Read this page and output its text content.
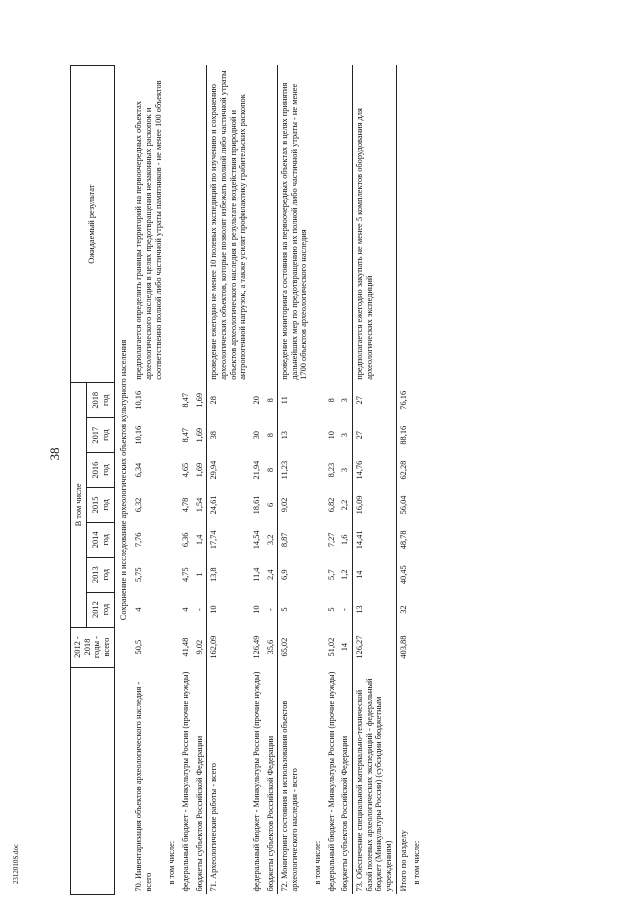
38
2312010S.doc
	2012 - 2018 годы - всего	В том числе							Ожидаемый результат
		2012 год	2013 год	2014 год	2015 год	2016 год	2017 год	2018 год	
Сохранение и исследование археологических объектов культурного населения									
70. Инвентаризация объектов археологического наследия - всего	50,5	4	5,75	7,76	6,32	6,34	10,16	10,16	предполагается определить границы территорий на первоочередных объектах археологического наследия в целях предотвращения незаконных раскопок и соответственно полной либо частичной утраты памятников - не менее 100 объектов
в том числе:									
федеральный бюджет - Минкультуры России (прочие нужды)	41,48	4	4,75	6,36	4,78	4,65	8,47	8,47	
бюджеты субъектов Российской Федерации	9,02	-	1	1,4	1,54	1,69	1,69	1,69	
71. Археологические работы - всего	162,09	10	13,8	17,74	24,61	29,94	38	28	проведение ежегодно не менее 10 полевых экспедиций по изучению и сохранению археологических объектов, которые позволят избежать полной либо частичной утраты объектов археологического наследия в результате воздействия природной и антропогенной нагрузок, а также усилят профилактику грабительских раскопок
федеральный бюджет - Минкультуры России (прочие нужды)	126,49	10	11,4	14,54	18,61	21,94	30	20	
бюджеты субъектов Российской Федерации	35,6	-	2,4	3,2	6	8	8	8	
72. Мониторинг состояния и использования объектов археологического наследия - всего	65,02	5	6,9	8,87	9,02	11,23	13	11	проведение мониторинга состояния на первоочередных объектах в целях принятия дальнейших мер по предотвращению их полной либо частичной утраты - не менее 1700 объектов археологического наследия
в том числе:									
федеральный бюджет - Минкультуры России (прочие нужды)	51,02	5	5,7	7,27	6,82	8,23	10	8	
бюджеты субъектов Российской Федерации	14	-	1,2	1,6	2,2	3	3	3	
73. Обеспечение специальной материально-технической базой полевых археологических экспедиций - федеральный бюджет (Минкультуры России) (субсидии бюджетным учреждениям)	126,27	13	14	14,41	16,09	14,76	27	27	предполагается ежегодно закупать не менее 5 комплектов оборудования для археологических экспедиций
Итого по разделу	403,88	32	40,45	48,78	56,04	62,28	88,16	76,16	
в том числе:									
